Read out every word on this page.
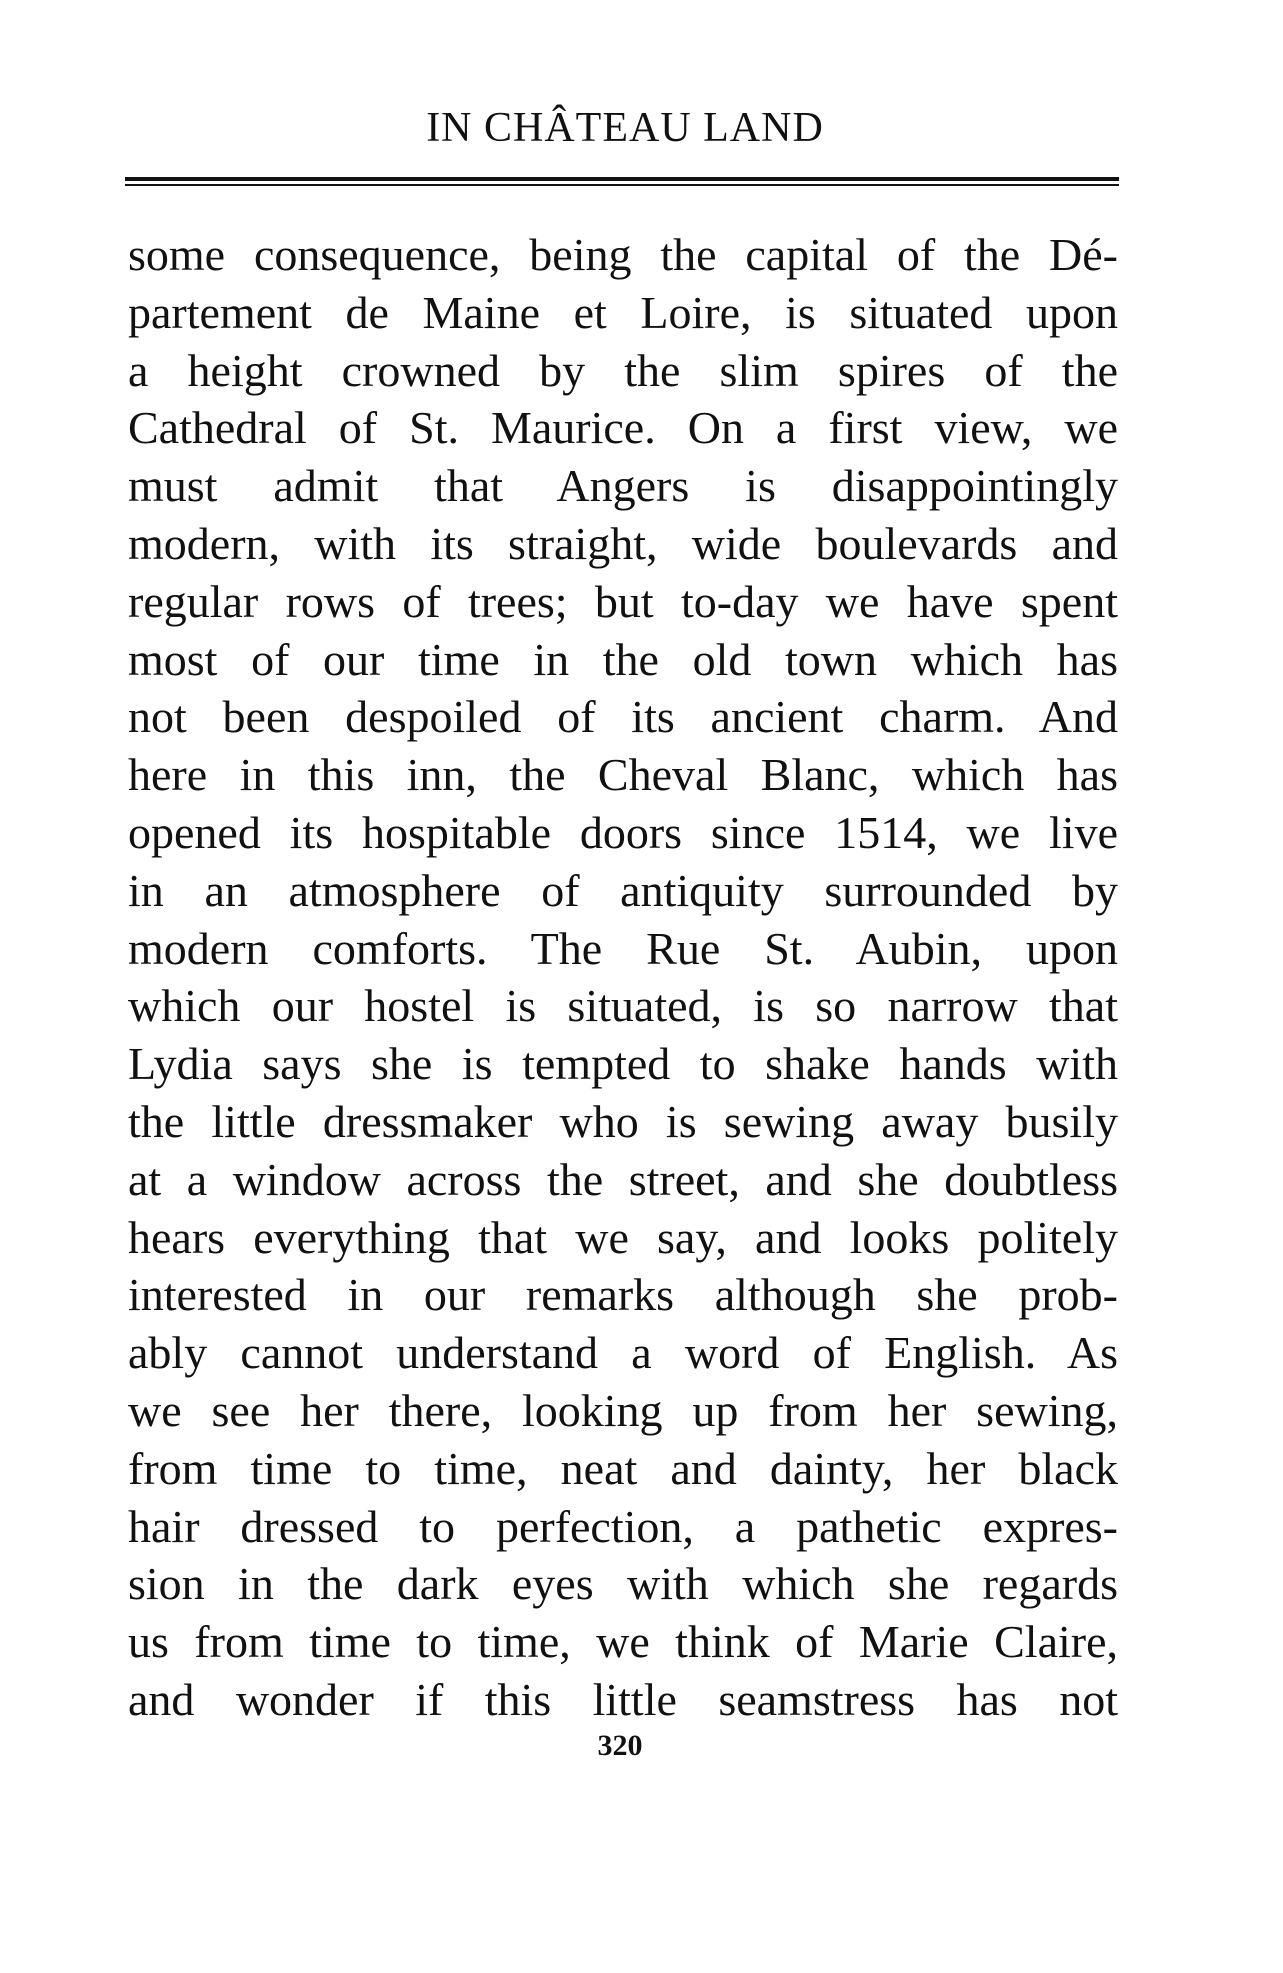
IN CHÂTEAU LAND
some consequence, being the capital of the Dé-
partement de Maine et Loire, is situated upon
a height crowned by the slim spires of the
Cathedral of St. Maurice. On a first view, we
must admit that Angers is disappointingly
modern, with its straight, wide boulevards and
regular rows of trees; but to-day we have spent
most of our time in the old town which has
not been despoiled of its ancient charm. And
here in this inn, the Cheval Blanc, which has
opened its hospitable doors since 1514, we live
in an atmosphere of antiquity surrounded by
modern comforts. The Rue St. Aubin, upon
which our hostel is situated, is so narrow that
Lydia says she is tempted to shake hands with
the little dressmaker who is sewing away busily
at a window across the street, and she doubtless
hears everything that we say, and looks politely
interested in our remarks although she prob-
ably cannot understand a word of English. As
we see her there, looking up from her sewing,
from time to time, neat and dainty, her black
hair dressed to perfection, a pathetic expres-
sion in the dark eyes with which she regards
us from time to time, we think of Marie Claire,
and wonder if this little seamstress has not
320
